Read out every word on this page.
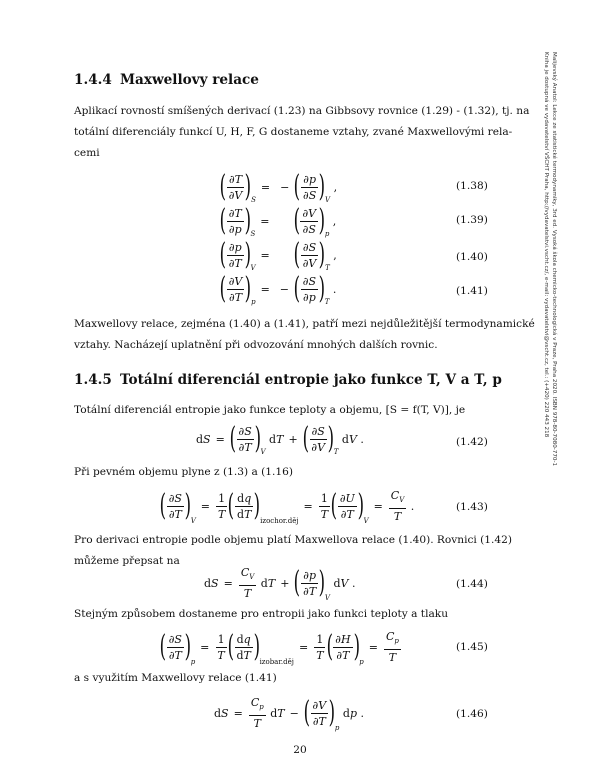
1.4.4 Maxwellovy relace
Aplikací rovností smíšených derivací (1.23) na Gibbsovy rovnice (1.29) - (1.32), tj. na
totální diferenciály funkcí U, H, F, G dostaneme vztahy, zvané Maxwellovými rela-
cemi
( ∂T
∂V ) S
= − ( ∂p
∂S ) V
,	(1.38)
( ∂T
∂p ) S
= ( ∂V
∂S ) p
,	(1.39)
( ∂p
∂T ) V
= ( ∂S
∂V ) T
,	(1.40)
( ∂V
∂T ) p
= − ( ∂S
∂p ) T
.	(1.41)
Maxwellovy relace, zejména (1.40) a (1.41), patří mezi nejdůležitější termodynamické
vztahy. Nacházejí uplatnění při odvozování mnohých dalších rovnic.
1.4.5 Totální diferenciál entropie jako funkce T, V a T, p
Totální diferenciál entropie jako funkce teploty a objemu, [S = f(T, V)], je
d S = ( ∂S
∂T ) V
d T + ( ∂S
∂V ) T
d V .	(1.42)
Při pevném objemu plyne z (1.3) a (1.16)
( ∂S
∂T ) V
= $\frac{1}{T}$ ( dq
dT ) izochor.děj
= $\frac{1}{T}$ ( ∂U
∂T ) V
= $\frac{C_V}{T}$ .	(1.43)
Pro derivaci entropie podle objemu platí Maxwellova relace (1.40). Rovnici (1.42)
můžeme přepsat na
d $S = \frac{C_V}{T}$ d T + ( ∂p
∂T ) V
d V .	(1.44)
Stejným způsobem dostaneme pro entropii jako funkci teploty a tlaku
( ∂S
∂T ) p
= $\frac{1}{T}$ ( dq
dT ) izobar.děj
= $\frac{1}{T}$ ( ∂H
∂T ) p
= $\frac{C_p}{T}$	(1.45)
a s využitím Maxwellovy relace (1.41)
d $S = \frac{C_p}{T}$ d T − ( ∂V
∂T ) p
d p .	(1.46)
Malijevský Anatol: Lekce ze statistické termodynamiky, 3rd ed. Vysoká škola chemicko-technologická v Praze, Praha 2020. ISBN 978-80-7080-770-1
Kniha je dostupná ve vydavatelství VŠCHT Praha, http://vydavatelstvi.vscht.cz/, e-mail: vydavatelstvi@vscht.cz, tel.: (+420) 220 443 218
20
